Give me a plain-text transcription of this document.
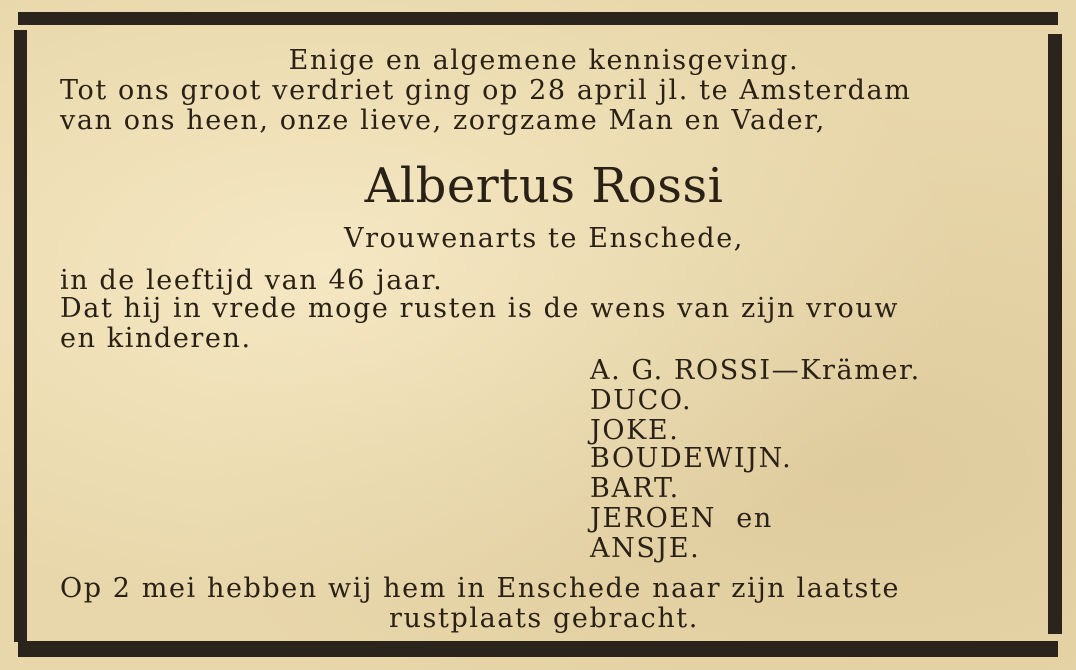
Enige en algemene kennisgeving.
Tot ons groot verdriet ging op 28 april jl. te Amsterdam
van ons heen, onze lieve, zorgzame Man en Vader,
Albertus Rossi
Vrouwenarts te Enschede,
in de leeftijd van 46 jaar.
Dat hij in vrede moge rusten is de wens van zijn vrouw
en kinderen.
A. G. ROSSI—Krämer.
DUCO.
JOKE.
BOUDEWIJN.
BART.
JEROEN  en
ANSJE.
Op 2 mei hebben wij hem in Enschede naar zijn laatste
rustplaats gebracht.
